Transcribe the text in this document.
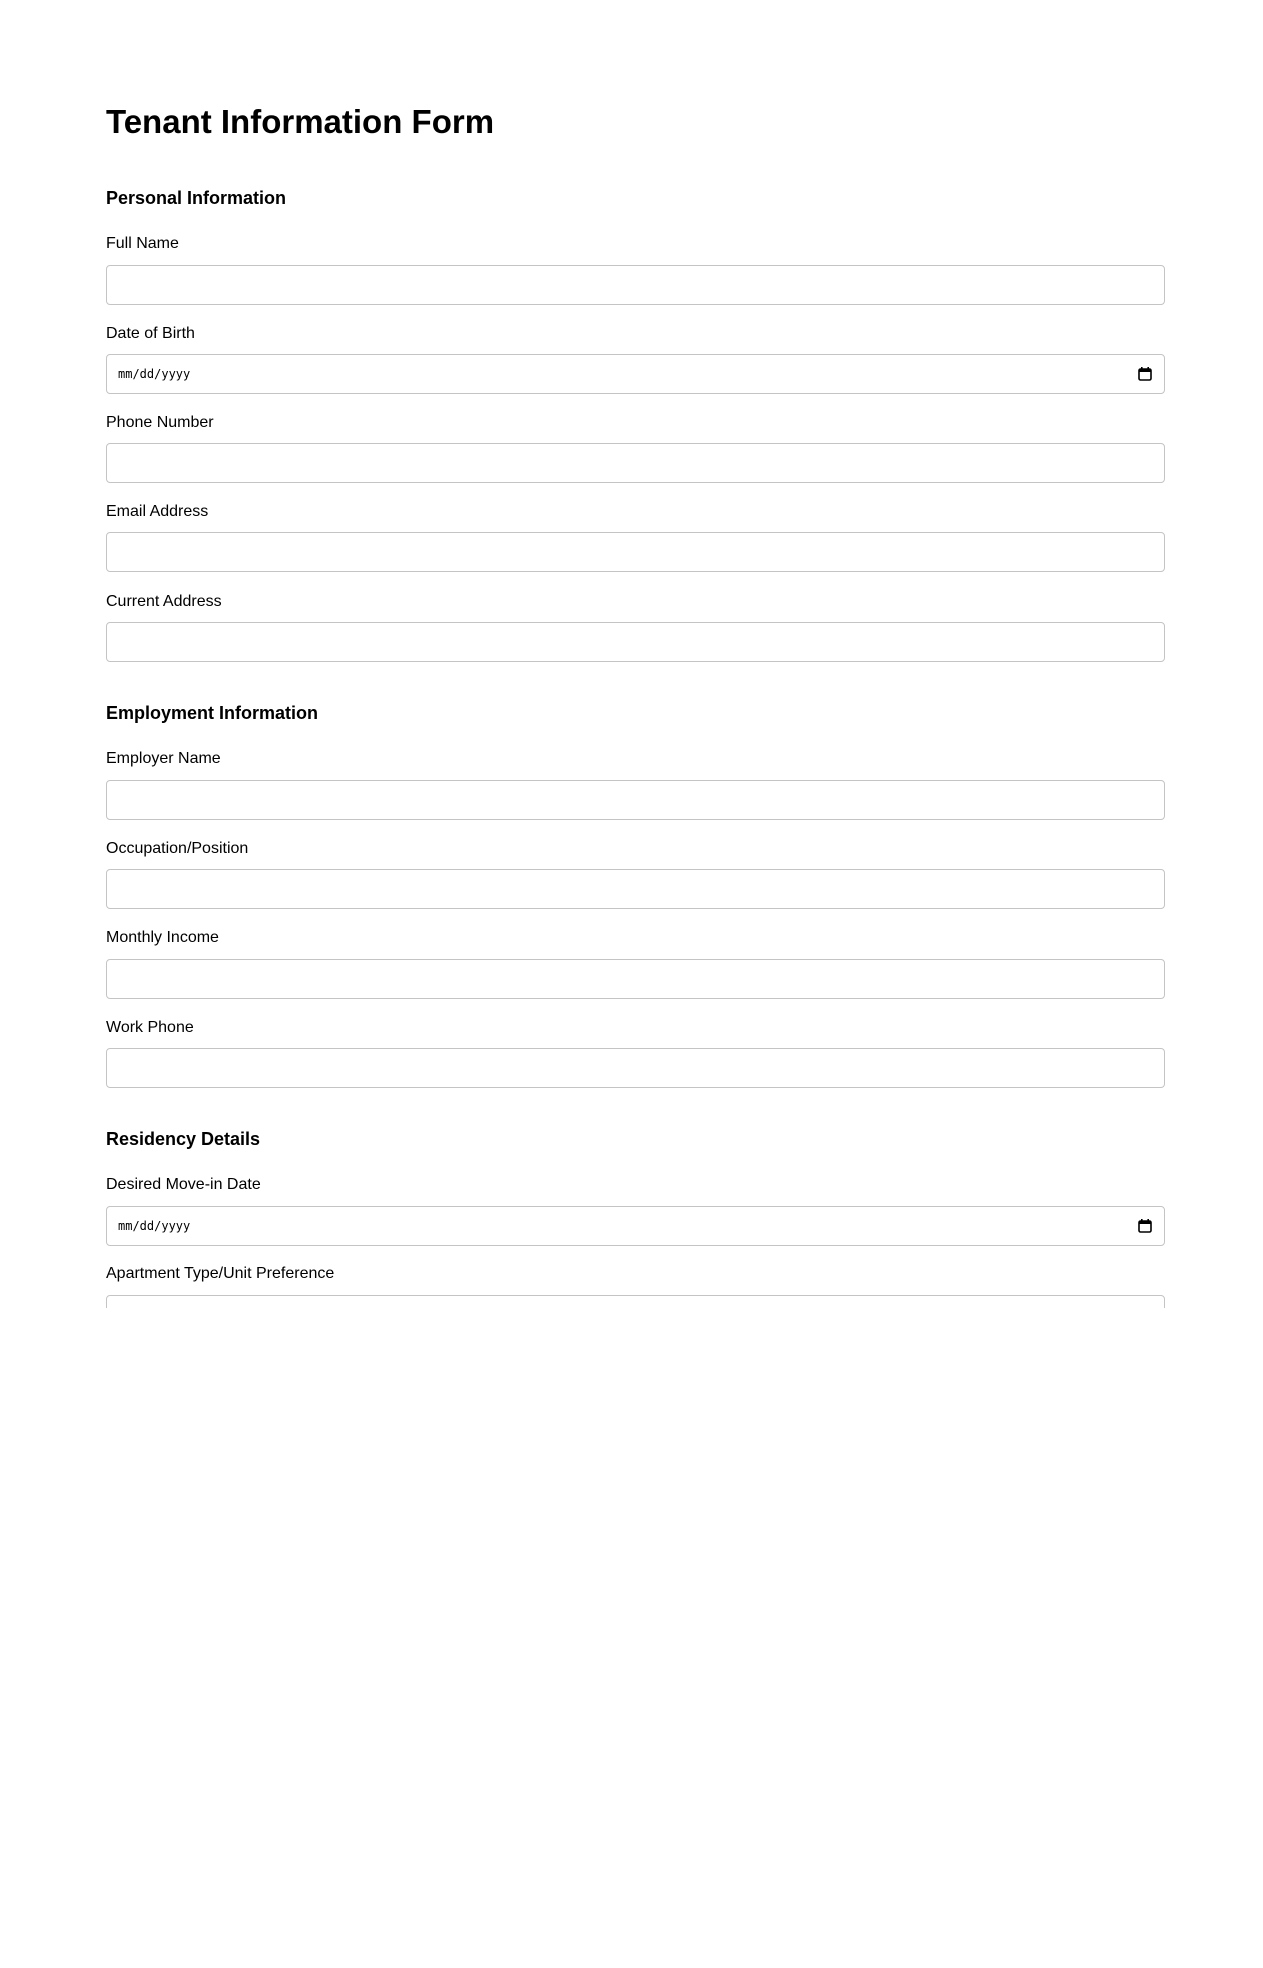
Tenant Information Form
Personal Information
Full Name
Date of Birth
mm/dd/yyyy
Phone Number
Email Address
Current Address
Employment Information
Employer Name
Occupation/Position
Monthly Income
Work Phone
Residency Details
Desired Move-in Date
mm/dd/yyyy
Apartment Type/Unit Preference
